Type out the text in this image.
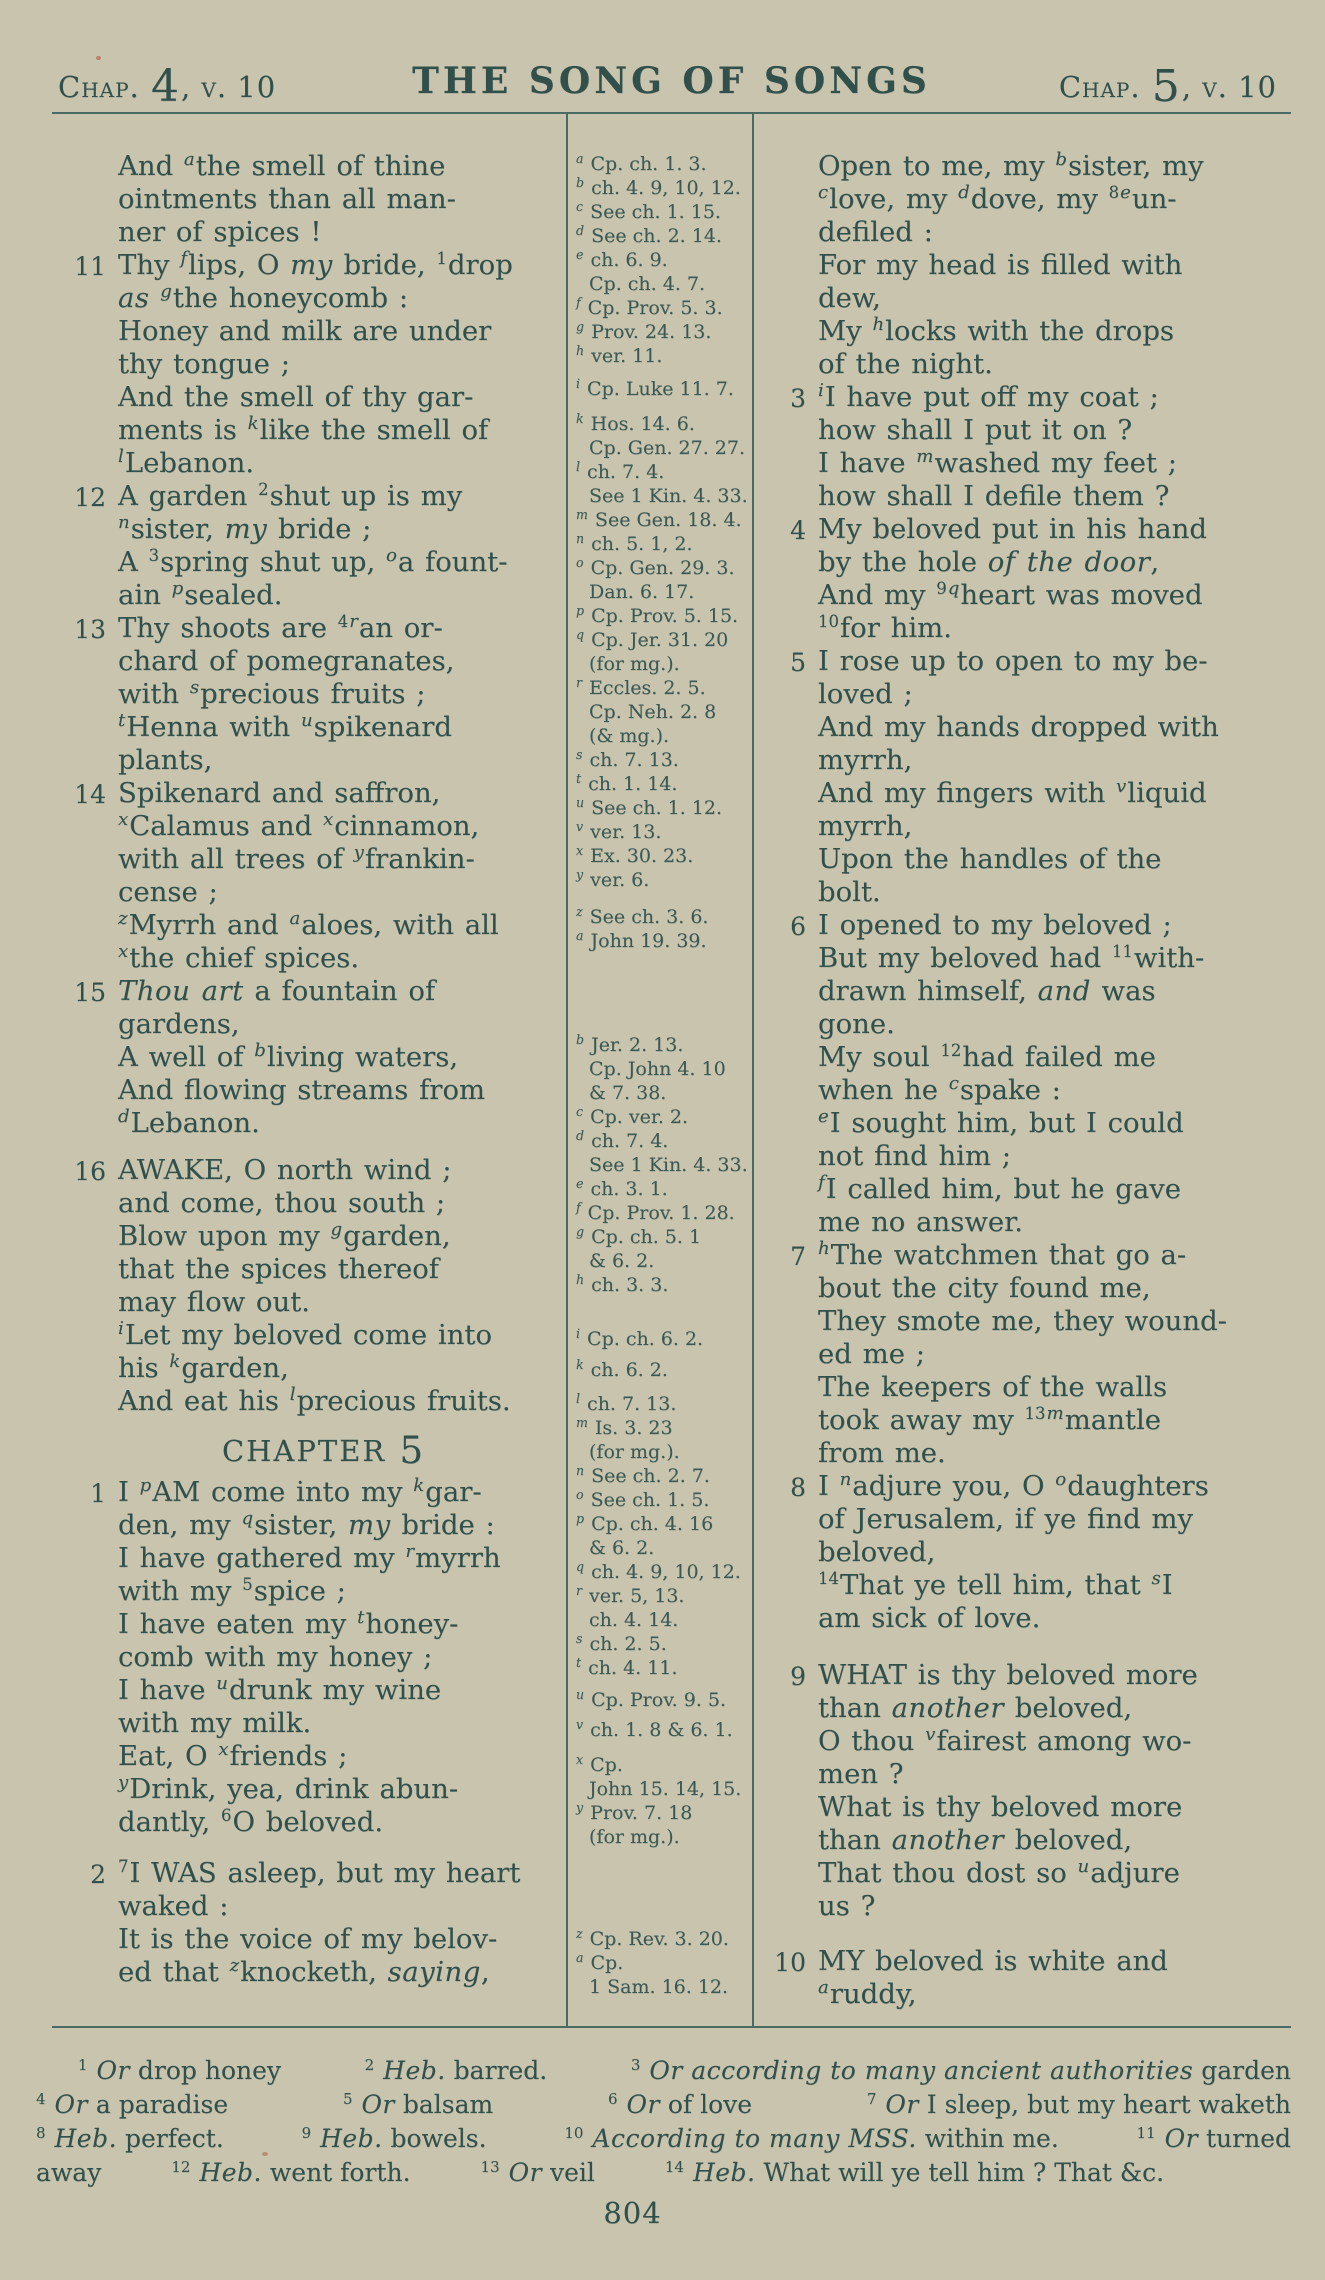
Chap. 4, v. 10	THE SONG OF SONGS	Chap. 5, v. 10
And $^a$the smell of thine
ointments than all man-
ner of spices !
11 Thy $^f$lips, O my bride, $^1$drop
as $^g$the honeycomb :
Honey and milk are under
thy tongue ;
And the smell of thy gar-
ments is $^k$like the smell of
$^l$Lebanon.
12 A garden $^2$shut up is my
$^n$sister, my bride ;
A $^3$spring shut up, $^o$a fount-
ain $^p$sealed.
13 Thy shoots are $^{4r}$an or-
chard of pomegranates,
with $^s$precious fruits ;
$^t$Henna with $^u$spikenard
plants,
14 Spikenard and saffron,
$^x$Calamus and $^x$cinnamon,
with all trees of $^y$frankin-
cense ;
$^z$Myrrh and $^a$aloes, with all
$^x$the chief spices.
15 Thou art a fountain of
gardens,
A well of $^b$living waters,
And flowing streams from
$^d$Lebanon.
16 AWAKE, O north wind ;
and come, thou south ;
Blow upon my $^g$garden,
that the spices thereof
may flow out.
$^i$Let my beloved come into
his $^k$garden,
And eat his $^l$precious fruits.
CHAPTER 5
1 I $^p$AM come into my $^k$gar-
den, my $^q$sister, my bride :
I have gathered my $^r$myrrh
with my $^5$spice ;
I have eaten my $^t$honey-
comb with my honey ;
I have $^u$drunk my wine
with my milk.
Eat, O $^x$friends ;
$^y$Drink, yea, drink abun-
dantly, $^6$O beloved.
2 $^7$I WAS asleep, but my heart
waked :
It is the voice of my belov-
ed that $^z$knocketh, saying,
$^a$ Cp. ch. 1. 3.
$^b$ ch. 4. 9, 10, 12.
$^c$ See ch. 1. 15.
$^d$ See ch. 2. 14.
$^e$ ch. 6. 9.
Cp. ch. 4. 7.
$^f$ Cp. Prov. 5. 3.
$^g$ Prov. 24. 13.
$^h$ ver. 11.
$^i$ Cp. Luke 11. 7.
$^k$ Hos. 14. 6.
Cp. Gen. 27. 27.
$^l$ ch. 7. 4.
See 1 Kin. 4. 33.
$^m$ See Gen. 18. 4.
$^n$ ch. 5. 1, 2.
$^o$ Cp. Gen. 29. 3.
Dan. 6. 17.
$^p$ Cp. Prov. 5. 15.
$^q$ Cp. Jer. 31. 20
(for mg.).
$^r$ Eccles. 2. 5.
Cp. Neh. 2. 8
(& mg.).
$^s$ ch. 7. 13.
$^t$ ch. 1. 14.
$^u$ See ch. 1. 12.
$^v$ ver. 13.
$^x$ Ex. 30. 23.
$^y$ ver. 6.
$^z$ See ch. 3. 6.
$^a$ John 19. 39.
$^b$ Jer. 2. 13.
Cp. John 4. 10
& 7. 38.
$^c$ Cp. ver. 2.
$^d$ ch. 7. 4.
See 1 Kin. 4. 33.
$^e$ ch. 3. 1.
$^f$ Cp. Prov. 1. 28.
$^g$ Cp. ch. 5. 1
& 6. 2.
$^h$ ch. 3. 3.
$^i$ Cp. ch. 6. 2.
$^k$ ch. 6. 2.
$^l$ ch. 7. 13.
$^m$ Is. 3. 23
(for mg.).
$^n$ See ch. 2. 7.
$^o$ See ch. 1. 5.
$^p$ Cp. ch. 4. 16
& 6. 2.
$^q$ ch. 4. 9, 10, 12.
$^r$ ver. 5, 13.
ch. 4. 14.
$^s$ ch. 2. 5.
$^t$ ch. 4. 11.
$^u$ Cp. Prov. 9. 5.
$^v$ ch. 1. 8 & 6. 1.
$^x$ Cp.
John 15. 14, 15.
$^y$ Prov. 7. 18
(for mg.).
$^z$ Cp. Rev. 3. 20.
$^a$ Cp.
1 Sam. 16. 12.
Open to me, my $^b$sister, my
$^c$love, my $^d$dove, my $^{8e}$un-
defiled :
For my head is filled with
dew,
My $^h$locks with the drops
of the night.
3 $^i$I have put off my coat ;
how shall I put it on ?
I have $^m$washed my feet ;
how shall I defile them ?
4 My beloved put in his hand
by the hole of the door,
And my $^{9q}$heart was moved
$^{10}$for him.
5 I rose up to open to my be-
loved ;
And my hands dropped with
myrrh,
And my fingers with $^v$liquid
myrrh,
Upon the handles of the
bolt.
6 I opened to my beloved ;
But my beloved had $^{11}$with-
drawn himself, and was
gone.
My soul $^{12}$had failed me
when he $^c$spake :
$^e$I sought him, but I could
not find him ;
$^f$I called him, but he gave
me no answer.
7 $^h$The watchmen that go a-
bout the city found me,
They smote me, they wound-
ed me ;
The keepers of the walls
took away my $^{13m}$mantle
from me.
8 I $^n$adjure you, O $^o$daughters
of Jerusalem, if ye find my
beloved,
$^{14}$That ye tell him, that $^s$I
am sick of love.
9 WHAT is thy beloved more
than another beloved,
O thou $^v$fairest among wo-
men ?
What is thy beloved more
than another beloved,
That thou dost so $^u$adjure
us ?
10 MY beloved is white and
$^a$ruddy,
$^1$ Or drop honey	$^2$ Heb. barred.	$^3$ Or according to many ancient authorities garden
$^4$ Or a paradise	$^5$ Or balsam	$^6$ Or of love	$^7$ Or I sleep, but my heart waketh
$^8$ Heb. perfect.	$^9$ Heb. bowels.	$^{10}$ According to many MSS. within me.	$^{11}$ Or turned
away	$^{12}$ Heb. went forth.	$^{13}$ Or veil	$^{14}$ Heb. What will ye tell him ? That &c.
804
